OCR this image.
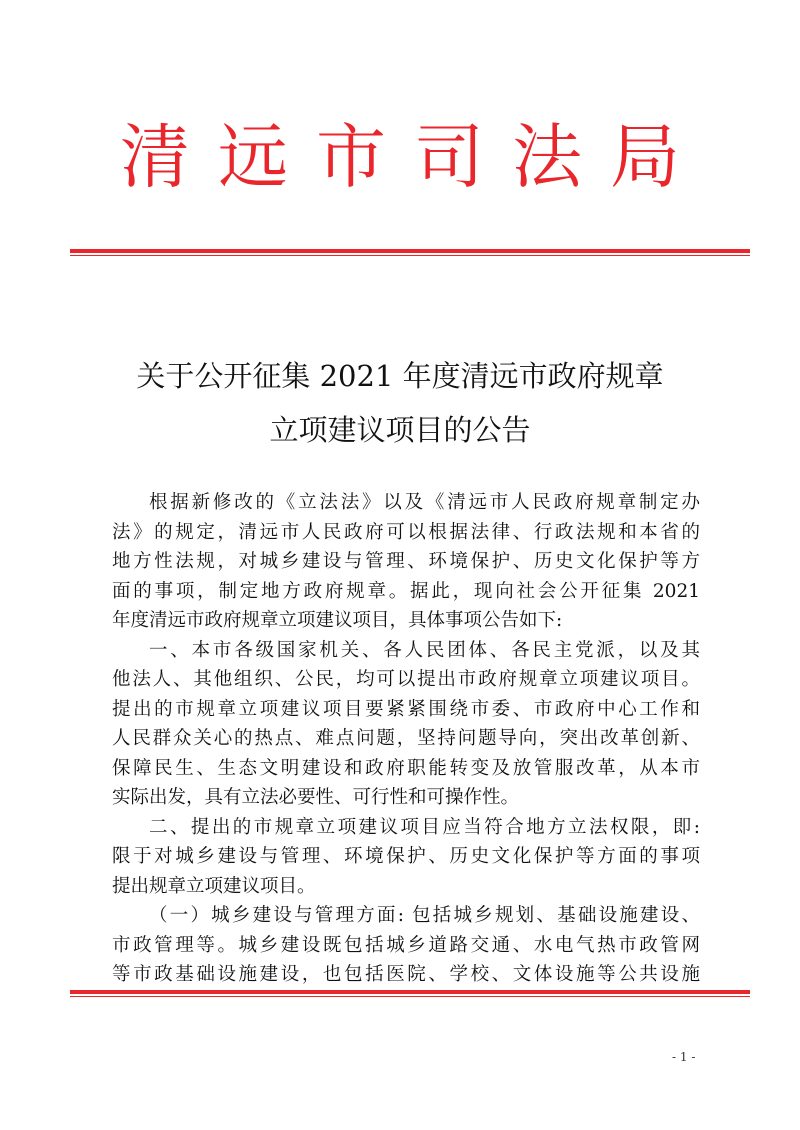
清远市司法局
关于公开征集 2021 年度清远市政府规章
立项建议项目的公告
根据新修改的《立法法》以及《清远市人民政府规章制定办
法》的规定，清远市人民政府可以根据法律、行政法规和本省的
地方性法规，对城乡建设与管理、环境保护、历史文化保护等方
面的事项，制定地方政府规章。据此，现向社会公开征集 2021
年度清远市政府规章立项建议项目，具体事项公告如下:
一、本市各级国家机关、各人民团体、各民主党派，以及其
他法人、其他组织、公民，均可以提出市政府规章立项建议项目。
提出的市规章立项建议项目要紧紧围绕市委、市政府中心工作和
人民群众关心的热点、难点问题，坚持问题导向，突出改革创新、
保障民生、生态文明建设和政府职能转变及放管服改革，从本市
实际出发，具有立法必要性、可行性和可操作性。
二、提出的市规章立项建议项目应当符合地方立法权限，即:
限于对城乡建设与管理、环境保护、历史文化保护等方面的事项
提出规章立项建议项目。
（一）城乡建设与管理方面: 包括城乡规划、基础设施建设、
市政管理等。城乡建设既包括城乡道路交通、水电气热市政管网
等市政基础设施建设，也包括医院、学校、文体设施等公共设施
- 1 -
